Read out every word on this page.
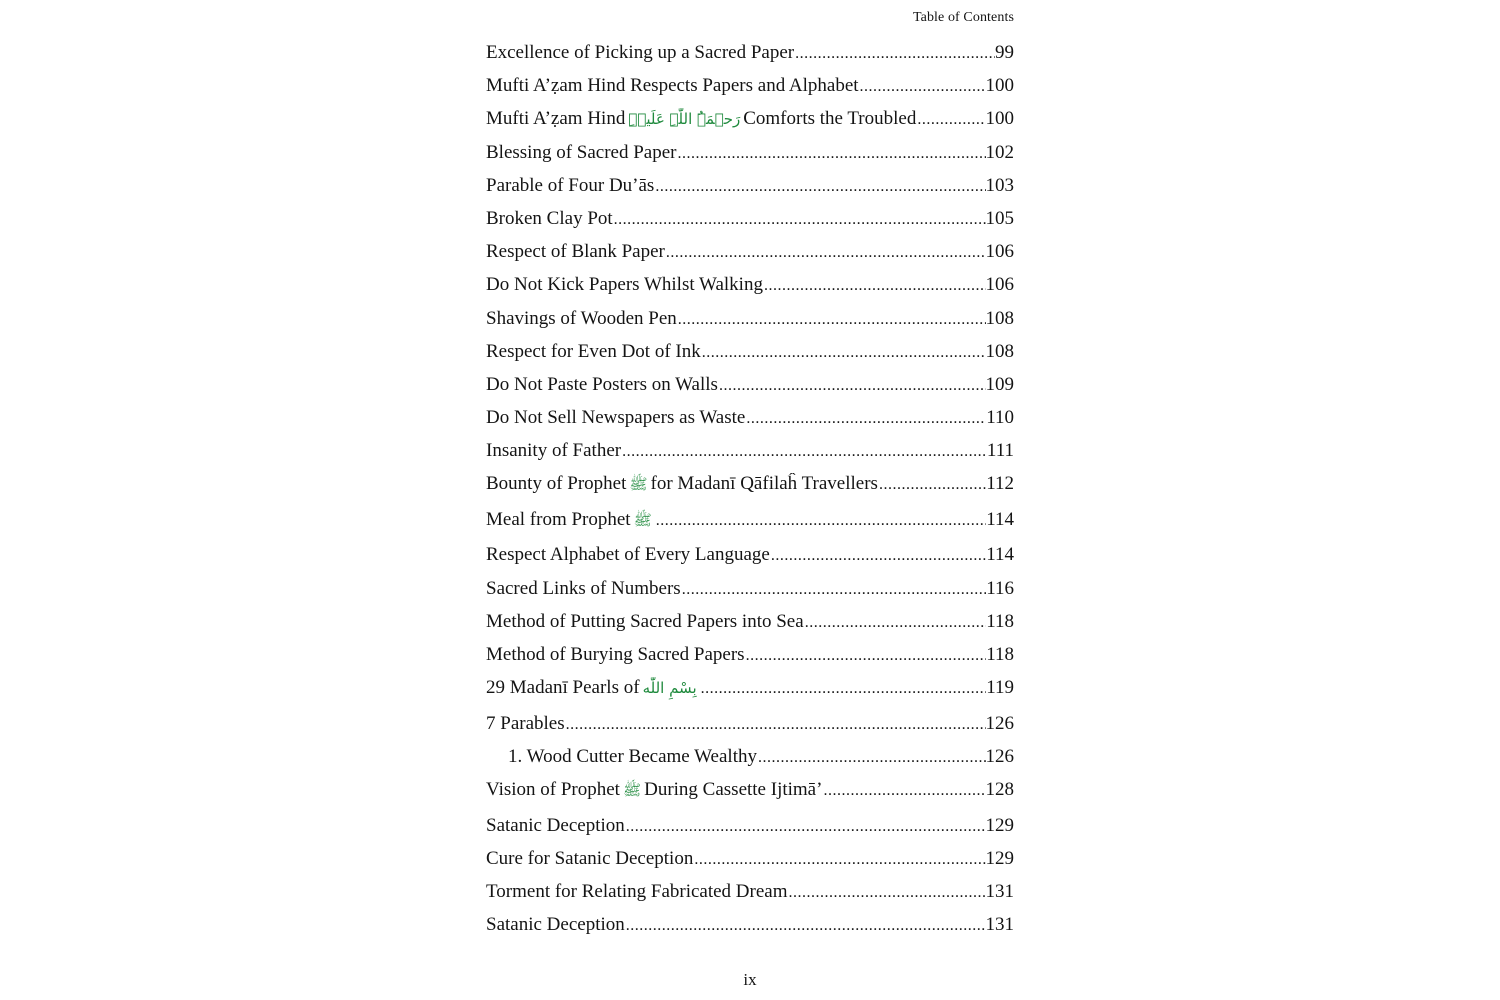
Table of Contents
Excellence of Picking up a Sacred Paper .....	99
Mufti A’ẓam Hind Respects Papers and Alphabet .....	100
Mufti A’ẓam Hind رَحۡمَۃُ اللّٰہِ عَلَیۡہِ Comforts the Troubled .....	100
Blessing of Sacred Paper .....	102
Parable of Four Du’ās .....	103
Broken Clay Pot .....	105
Respect of Blank Paper .....	106
Do Not Kick Papers Whilst Walking .....	106
Shavings of Wooden Pen .....	108
Respect for Even Dot of Ink .....	108
Do Not Paste Posters on Walls .....	109
Do Not Sell Newspapers as Waste .....	110
Insanity of Father .....	111
Bounty of Prophet ﷺ for Madanī Qāfilaĥ Travellers .....	112
Meal from Prophet ﷺ .....	114
Respect Alphabet of Every Language .....	114
Sacred Links of Numbers .....	116
Method of Putting Sacred Papers into Sea .....	118
Method of Burying Sacred Papers .....	118
29 Madanī Pearls of بِسْمِ اللّٰه .....	119
7 Parables .....	126
1. Wood Cutter Became Wealthy .....	126
Vision of Prophet ﷺ During Cassette Ijtimā’ .....	128
Satanic Deception .....	129
Cure for Satanic Deception .....	129
Torment for Relating Fabricated Dream .....	131
Satanic Deception .....	131
ix
